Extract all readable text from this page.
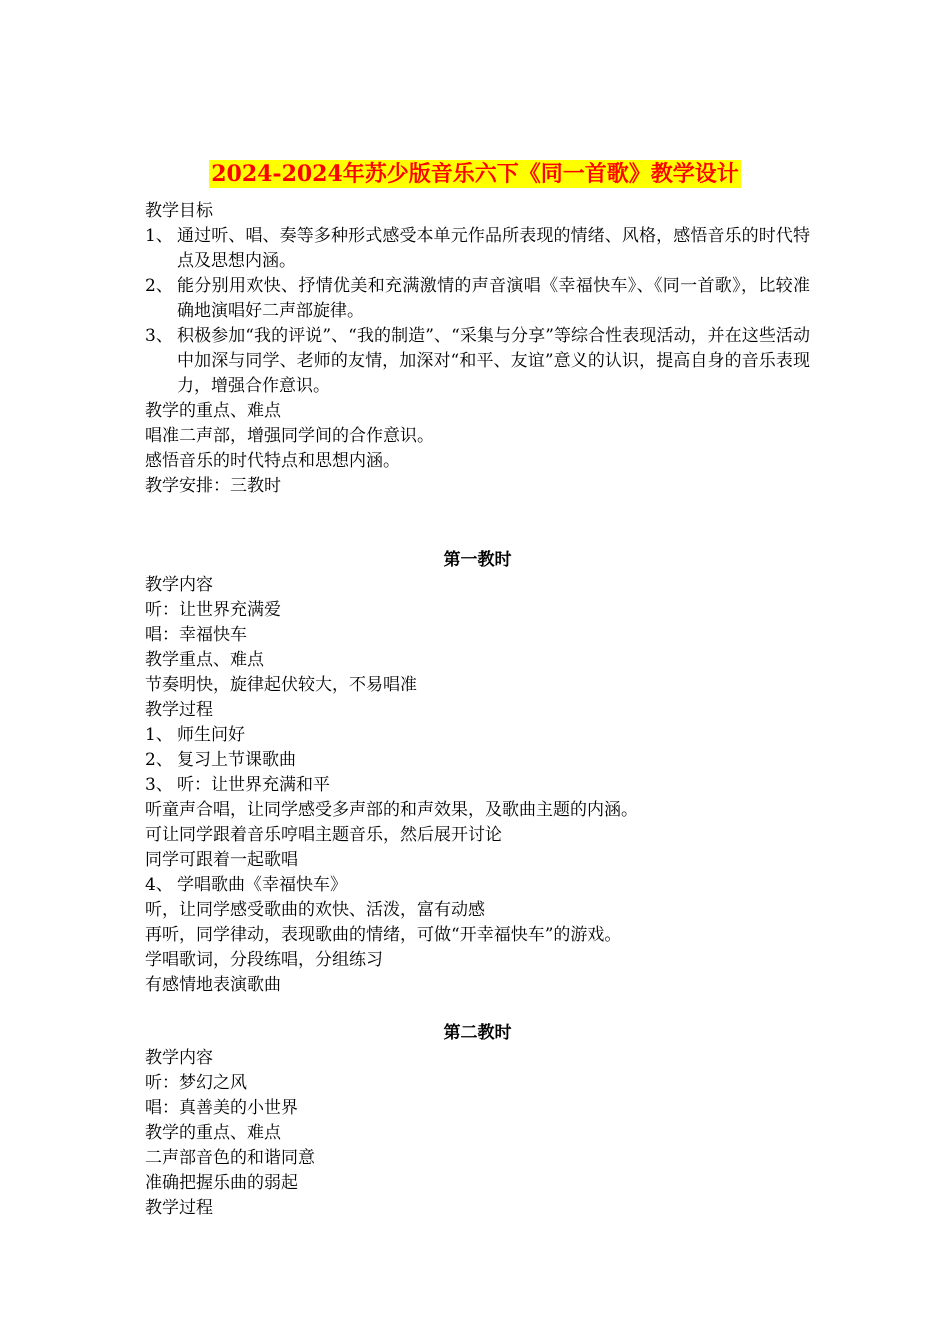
2024-2024年苏少版音乐六下《同一首歌》教学设计
教学目标
1、 通过听、唱、奏等多种形式感受本单元作品所表现的情绪、风格，感悟音乐的时代特点及思想内涵。
2、 能分别用欢快、抒情优美和充满激情的声音演唱《幸福快车》、《同一首歌》，比较准确地演唱好二声部旋律。
3、 积极参加“我的评说”、“我的制造”、“采集与分享”等综合性表现活动，并在这些活动中加深与同学、老师的友情，加深对“和平、友谊”意义的认识，提高自身的音乐表现力，增强合作意识。
教学的重点、难点
唱准二声部，增强同学间的合作意识。
感悟音乐的时代特点和思想内涵。
教学安排：三教时
第一教时
教学内容
听：让世界充满爱
唱：幸福快车
教学重点、难点
节奏明快，旋律起伏较大，不易唱准
教学过程
1、 师生问好
2、 复习上节课歌曲
3、 听：让世界充满和平
听童声合唱，让同学感受多声部的和声效果，及歌曲主题的内涵。
可让同学跟着音乐哼唱主题音乐，然后展开讨论
同学可跟着一起歌唱
4、 学唱歌曲《幸福快车》
听，让同学感受歌曲的欢快、活泼，富有动感
再听，同学律动，表现歌曲的情绪，可做“开幸福快车”的游戏。
学唱歌词，分段练唱，分组练习
有感情地表演歌曲
第二教时
教学内容
听：梦幻之风
唱：真善美的小世界
教学的重点、难点
二声部音色的和谐同意
准确把握乐曲的弱起
教学过程
